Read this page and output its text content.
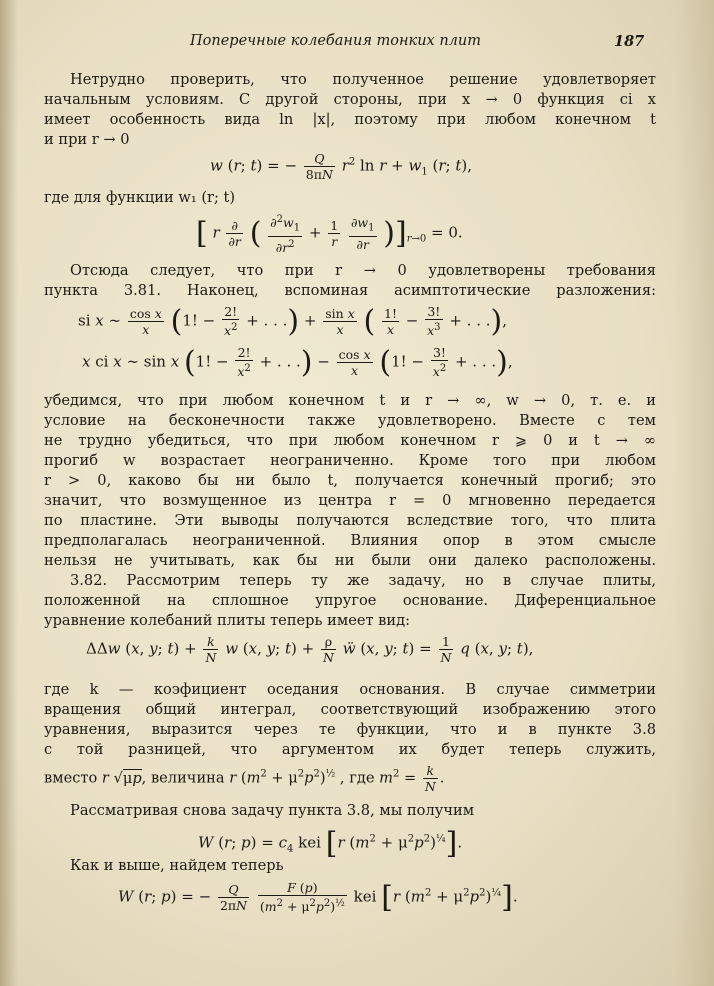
Поперечные колебания тонких плит	187
Нетрудно проверить, что полученное решение удовлетворяет
начальным условиям. С другой стороны, при x → 0 функция ci x
имеет особенность вида ln |x|, поэтому при любом конечном t
и при r → 0
w (r; t) = − $\frac{Q}{8\pi N} r^2$ $\ln r + w_1$ (r; t),
где для функции w₁ (r; t)
[ r $\frac{\partial}{\partial r}$ ( $\frac{\partial^2w_1}{\partial r^2} + \frac{1}{r}$
$\frac{\partial w_1}{\partial r} )]_{r\to 0} = 0$.
Отсюда следует, что при r → 0 удовлетворены требования
пункта 3.81. Наконец, вспоминая асимптотические разложения:
si x ∼ $\frac{\text{cos x}}{x} (1$! − $\frac{2!}{x^2}$ + . . .) + $\frac{\text{sin x}}{x}$ ( $\frac{1!}{x} - \frac{3!}{x^3}$ + . . .),
x ci x ∼ sin x (1! − $\frac{2!}{x^2}$ + . . .) − $\frac{\text{cos x}}{x} (1$! − $\frac{3!}{x^2}$ + . . .),
убедимся, что при любом конечном t и r → ∞, w → 0, т. е. и
условие на бесконечности также удовлетворено. Вместе с тем
не трудно убедиться, что при любом конечном r ⩾ 0 и t → ∞
прогиб w возрастает неограниченно. Кроме того при любом
r > 0, каково бы ни было t, получается конечный прогиб; это
значит, что возмущенное из центра r = 0 мгновенно передается
по пластине. Эти выводы получаются вследствие того, что плита
предполагалась неограниченной. Влияния опор в этом смысле
нельзя не учитывать, как бы ни были они далеко расположены.
3.82. Рассмотрим теперь ту же задачу, но в случае плиты,
положенной на сплошное упругое основание. Диференциальное
уравнение колебаний плиты теперь имеет вид:
ΔΔw (x, y; $t) + \frac{k}{N}$ w (x, y; $t) + \frac{\rho}{N}$ ẅ (x, y; $t) = \frac{1}{N}$ q (x, y; t),
где k — коэфициент оседания основания. В случае симметрии
вращения общий интеграл, соответствующий изображению этого
уравнения, выразится через те функции, что и в пункте 3.8
с той разницей, что аргументом их будет теперь служить,
вместо r √μp, величина r $(m^2 + \mu^2p^2)^{\frac{1}{2}}$ , где $m^2 = \frac{k}{N}$ .
Рассматривая снова задачу пункта 3.8, мы получим
W (r; $p) = c_4$ kei [r $(m^2 + \mu^2p^2)^{\frac{1}{4}}$].
Как и выше, найдем теперь
W (r; p) = − $\frac{Q}{2\pi N}$
$\frac{F (p)}{(m^2 + \mu^2p^2)^{\frac{1}{2}}}$ kei [r $(m^2 + \mu^2p^2)^{\frac{1}{4}}$].
